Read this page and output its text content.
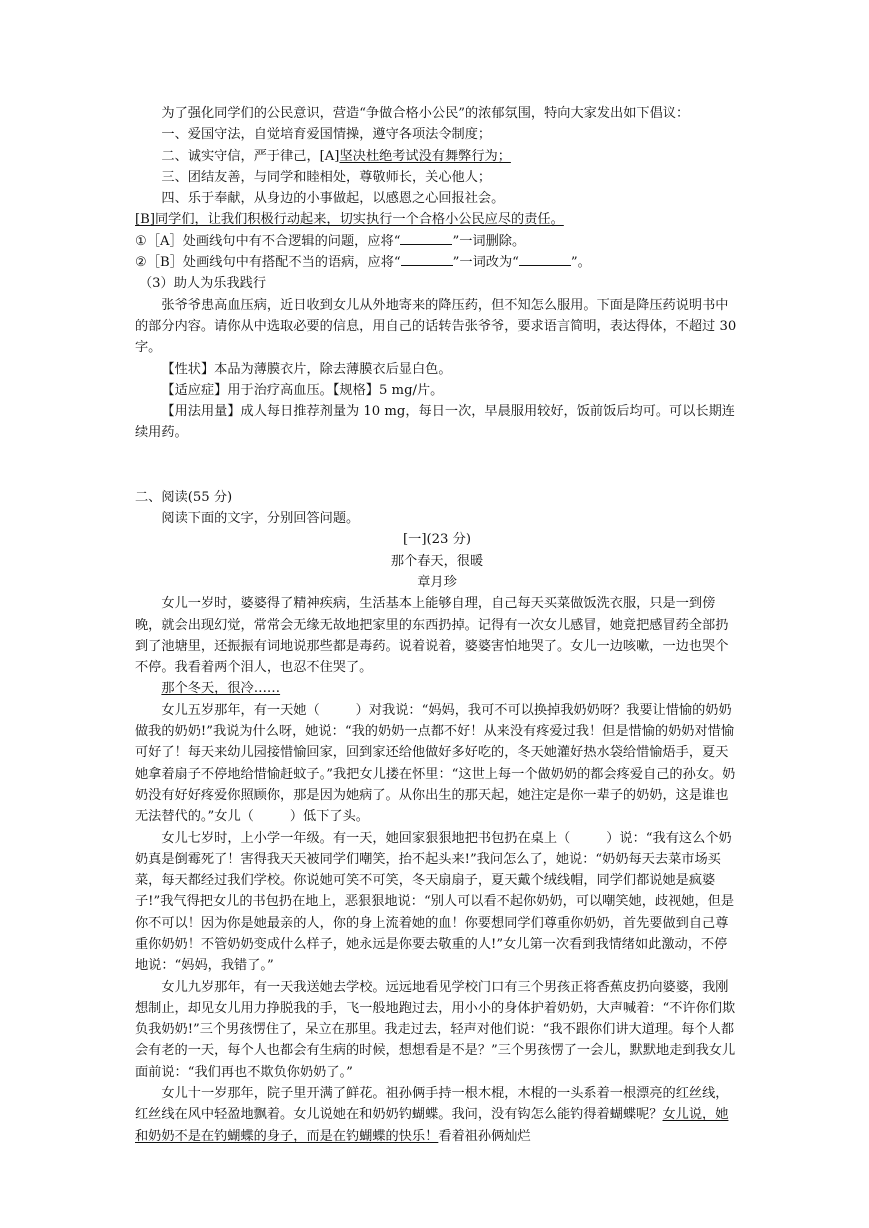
为了强化同学们的公民意识，营造“争做合格小公民”的浓郁氛围，特向大家发出如下倡议：

一、爱国守法，自觉培育爱国情操，遵守各项法令制度；

二、诚实守信，严于律己，[A]坚决杜绝考试没有舞弊行为；

三、团结友善，与同学和睦相处，尊敬师长，关心他人；

四、乐于奉献，从身边的小事做起，以感恩之心回报社会。

[B]同学们，让我们积极行动起来，切实执行一个合格小公民应尽的责任。

①［A］处画线句中有不合逻辑的问题，应将“	”一词删除。

②［B］处画线句中有搭配不当的语病，应将“	”一词改为“	”。

（3）助人为乐我践行

张爷爷患高血压病，近日收到女儿从外地寄来的降压药，但不知怎么服用。下面是降压药说明书中的部分内容。请你从中选取必要的信息，用自己的话转告张爷爷，要求语言简明，表达得体，不超过 30 字。

【性状】本品为薄膜衣片，除去薄膜衣后显白色。

【适应症】用于治疗高血压。【规格】5 mg/片。

【用法用量】成人每日推荐剂量为 10 mg，每日一次，早晨服用较好，饭前饭后均可。可以长期连续用药。

二、阅读(55 分)

阅读下面的文字，分别回答问题。

[一](23 分)

那个春天，很暖

章月珍

女儿一岁时，婆婆得了精神疾病，生活基本上能够自理，自己每天买菜做饭洗衣服，只是一到傍晚，就会出现幻觉，常常会无缘无故地把家里的东西扔掉。记得有一次女儿感冒，她竟把感冒药全部扔到了池塘里，还振振有词地说那些都是毒药。说着说着，婆婆害怕地哭了。女儿一边咳嗽，一边也哭个不停。我看着两个泪人，也忍不住哭了。

那个冬天，很冷……

女儿五岁那年，有一天她（	）对我说：“妈妈，我可不可以换掉我奶奶呀？我要让惜愉的奶奶做我的奶奶!”我说为什么呀，她说：“我的奶奶一点都不好！从来没有疼爱过我！但是惜愉的奶奶对惜愉可好了！每天来幼儿园接惜愉回家，回到家还给他做好多好吃的，冬天她灌好热水袋给惜愉焐手，夏天她拿着扇子不停地给惜愉赶蚊子。”我把女儿搂在怀里：“这世上每一个做奶奶的都会疼爱自己的孙女。奶奶没有好好疼爱你照顾你，那是因为她病了。从你出生的那天起，她注定是你一辈子的奶奶，这是谁也无法替代的。”女儿（	）低下了头。

女儿七岁时，上小学一年级。有一天，她回家狠狠地把书包扔在桌上（	）说：“我有这么个奶奶真是倒霉死了！害得我天天被同学们嘲笑，抬不起头来!”我问怎么了，她说：“奶奶每天去菜市场买菜，每天都经过我们学校。你说她可笑不可笑，冬天扇扇子，夏天戴个绒线帽，同学们都说她是疯婆子!”我气得把女儿的书包扔在地上，恶狠狠地说：“别人可以看不起你奶奶，可以嘲笑她，歧视她，但是你不可以！因为你是她最亲的人，你的身上流着她的血！你要想同学们尊重你奶奶，首先要做到自己尊重你奶奶！不管奶奶变成什么样子，她永远是你要去敬重的人!”女儿第一次看到我情绪如此激动，不停地说：“妈妈，我错了。”

女儿九岁那年，有一天我送她去学校。远远地看见学校门口有三个男孩正将香蕉皮扔向婆婆，我刚想制止，却见女儿用力挣脱我的手，飞一般地跑过去，用小小的身体护着奶奶，大声喊着：“不许你们欺负我奶奶!”三个男孩愣住了，呆立在那里。我走过去，轻声对他们说：“我不跟你们讲大道理。每个人都会有老的一天，每个人也都会有生病的时候，想想看是不是？”三个男孩愣了一会儿，默默地走到我女儿面前说：“我们再也不欺负你奶奶了。”

女儿十一岁那年，院子里开满了鲜花。祖孙俩手持一根木棍，木棍的一头系着一根漂亮的红丝线，红丝线在风中轻盈地飘着。女儿说她在和奶奶钓蝴蝶。我问，没有钩怎么能钓得着蝴蝶呢？女儿说，她和奶奶不是在钓蝴蝶的身子，而是在钓蝴蝶的快乐！看着祖孙俩灿烂
